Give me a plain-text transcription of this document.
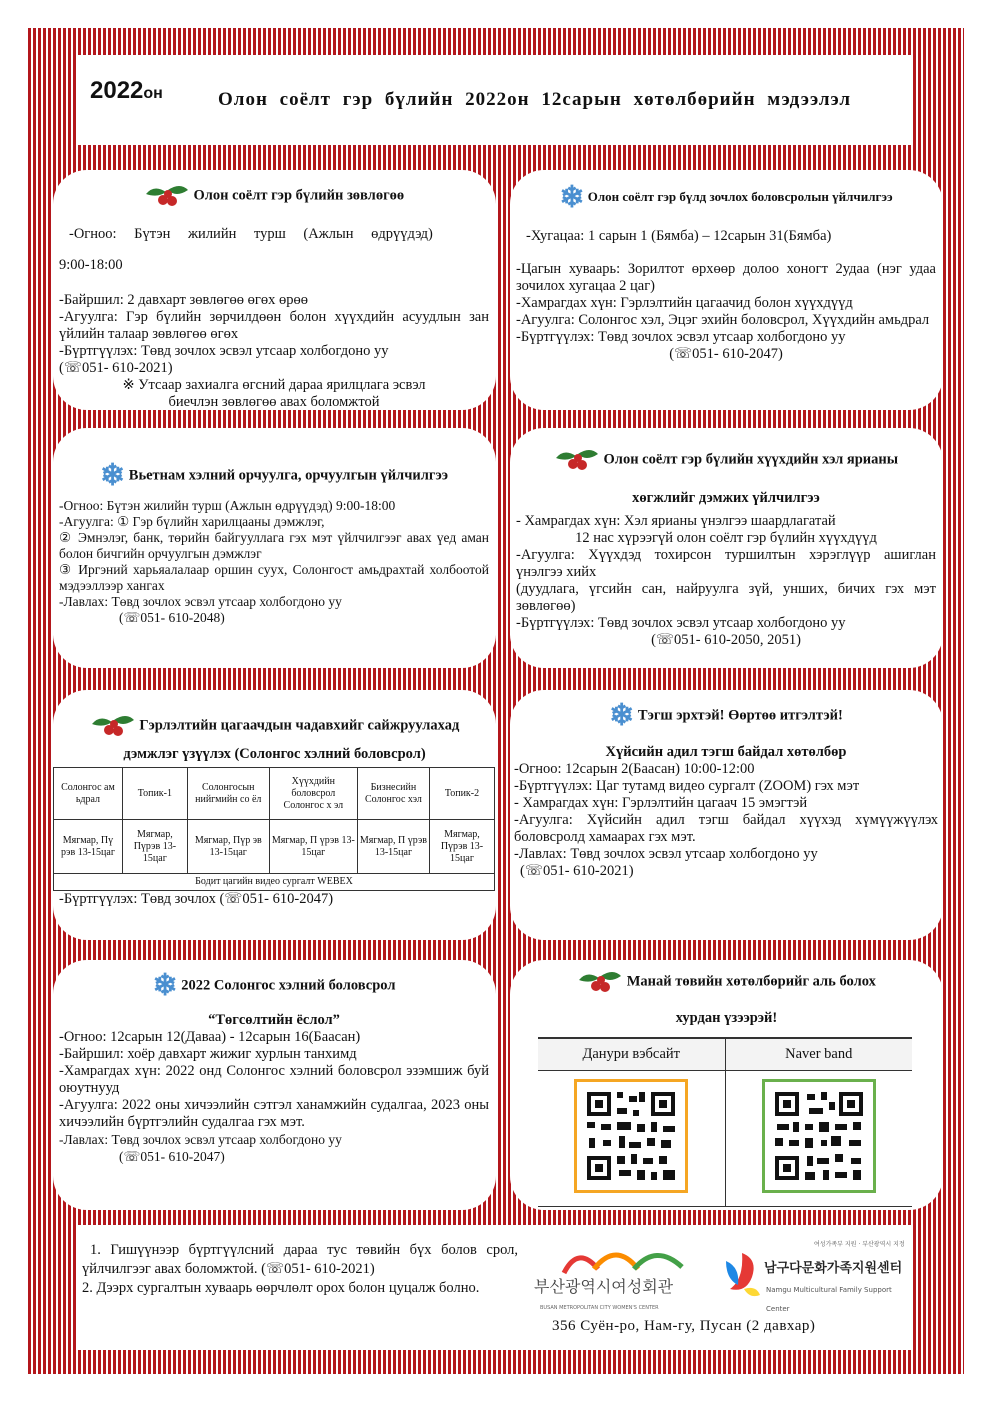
2022он	Олон соёлт гэр бүлийн 2022он 12сарын хөтөлбөрийн мэдээлэл
Олон соёлт гэр бүлийн зөвлөгөө

-Огноо: Бүтэн жилийн турш (Ажлын өдрүүдэд)

9:00-18:00

-Байршил: 2 давхарт зөвлөгөө өгөх өрөө

-Агуулга: Гэр бүлийн зөрчилдөөн болон хүүхдийн асуудлын зан үйлийн талаар зөвлөгөө өгөх

-Бүртгүүлэх: Төвд зочлох эсвэл утсаар холбогдоно уу

(☏051- 610-2021)

※ Утсаар захиалга өгсний дараа ярилцлага эсвэл

биечлэн зөвлөгөө авах боломжтой

❄ Олон соёлт гэр бүлд зочлох боловсролын үйлчилгээ

-Хугацаа: 1 сарын 1 (Бямба) – 12сарын 31(Бямба)

-Цагын хуваарь: Зорилтот өрхөөр долоо хоногт 2удаа (нэг удаа зочилох хугацаа 2 цаг)

-Хамрагдах хүн: Гэрлэлтийн цагаачид болон хүүхдүүд

-Агуулга: Солонгос хэл, Эцэг эхийн боловсрол, Хүүхдийн амьдрал

-Бүртгүүлэх: Төвд зочлох эсвэл утсаар холбогдоно уу

(☏051- 610-2047)

❄ Вьетнам хэлний орчуулга, орчуулгын үйлчилгээ

-Огноо: Бүтэн жилийн турш (Ажлын өдрүүдэд) 9:00-18:00

-Агуулга: ① Гэр бүлийн харилцааны дэмжлэг,

② Эмнэлэг, банк, төрийн байгууллага гэх мэт үйлчилгээг авах үед аман болон бичгийн орчуулгын дэмжлэг

③ Иргэний харьяалалаар оршин суух, Солонгост амьдрахтай холбоотой мэдээллээр хангах

-Лавлах: Төвд зочлох эсвэл утсаар холбогдоно уу

(☏051- 610-2048)

Олон соёлт гэр бүлийн хүүхдийн хэл ярианы
хөгжлийг дэмжих үйлчилгээ

- Хамрагдах хүн: Хэл ярианы үнэлгээ шаардлагатай

12 нас хүрээгүй олон соёлт гэр бүлийн хүүхдүүд

-Агуулга: Хүүхдэд тохирсон туршилтын хэрэглүүр ашиглан үнэлгээ хийх

(дуудлага, үгсийн сан, найруулга зүй, унших, бичих гэх мэт зөвлөгөө)

-Бүртгүүлэх: Төвд зочлох эсвэл утсаар холбогдоно уу

(☏051- 610-2050, 2051)

Гэрлэлтийн цагаачдын чадавхийг сайжруулахад
дэмжлэг үзүүлэх (Солонгос хэлний боловсрол)
Солонгос ам ьдрал	Топик-1	Солонгосын нийгмийн со ёл	Хүүхдийн боловсрол Солонгос х эл	Бизнесийн Солонгос хэл	Топик-2
Мягмар, Пү рэв 13-15цаг	Мягмар, Пүрэв 13-15цаг	Мягмар, Пүр эв 13-15цаг	Мягмар, П үрэв 13-15цаг	Мягмар, П үрэв 13-15цаг	Мягмар, Пүрэв 13-15цаг
Бодит цагийн видео сургалт WEBEX					

-Бүртгүүлэх: Төвд зочлох (☏051- 610-2047)

❄ Тэгш эрхтэй! Өөртөө итгэлтэй!
Хүйсийн адил тэгш байдал хөтөлбөр

-Огноо: 12сарын 2(Баасан) 10:00-12:00

-Бүртгүүлэх: Цаг тутамд видео сургалт (ZOOM) гэх мэт

- Хамрагдах хүн: Гэрлэлтийн цагаач 15 эмэгтэй

-Агуулга: Хүйсийн адил тэгш байдал хүүхэд хүмүүжүүлэх боловсролд хамаарах гэх мэт.

-Лавлах: Төвд зочлох эсвэл утсаар холбогдоно уу

(☏051- 610-2021)

❄ 2022 Солонгос хэлний боловсрол
“Төгсөлтийн ёслол”

-Огноо: 12сарын 12(Даваа) - 12сарын 16(Баасан)

-Байршил: хоёр давхарт жижиг хурлын танхимд

-Хамрагдах хүн: 2022 онд Солонгос хэлний боловсрол эзэмшиж буй оюутнууд

-Агуулга: 2022 оны хичээлийн сэтгэл ханамжийн судалгаа, 2023 оны хичээлийн бүртгэлийн судалгаа гэх мэт.

-Лавлах: Төвд зочлох эсвэл утсаар холбогдоно уу

(☏051- 610-2047)

Манай төвийн хөтөлбөрийг аль болох
хурдан үзээрэй!
Данури вэбсайт	Naver band

1. Гишүүнээр бүртгүүлсний дараа тус төвийн бүх болов срол, үйлчилгээг авах боломжтой. (☏051- 610-2021)

2. Дээрх сургалтын хуваарь өөрчлөлт орох болон цуцалж болно.	부산광역시여성회관
BUSAN METROPOLITAN CITY WOMEN'S CENTER
여성가족부 지원 · 부산광역시 지정
남구다문화가족지원센터
Namgu Multicultural Family Support Center
356 Суён-ро, Нам-гу, Пусан (2 давхар)
